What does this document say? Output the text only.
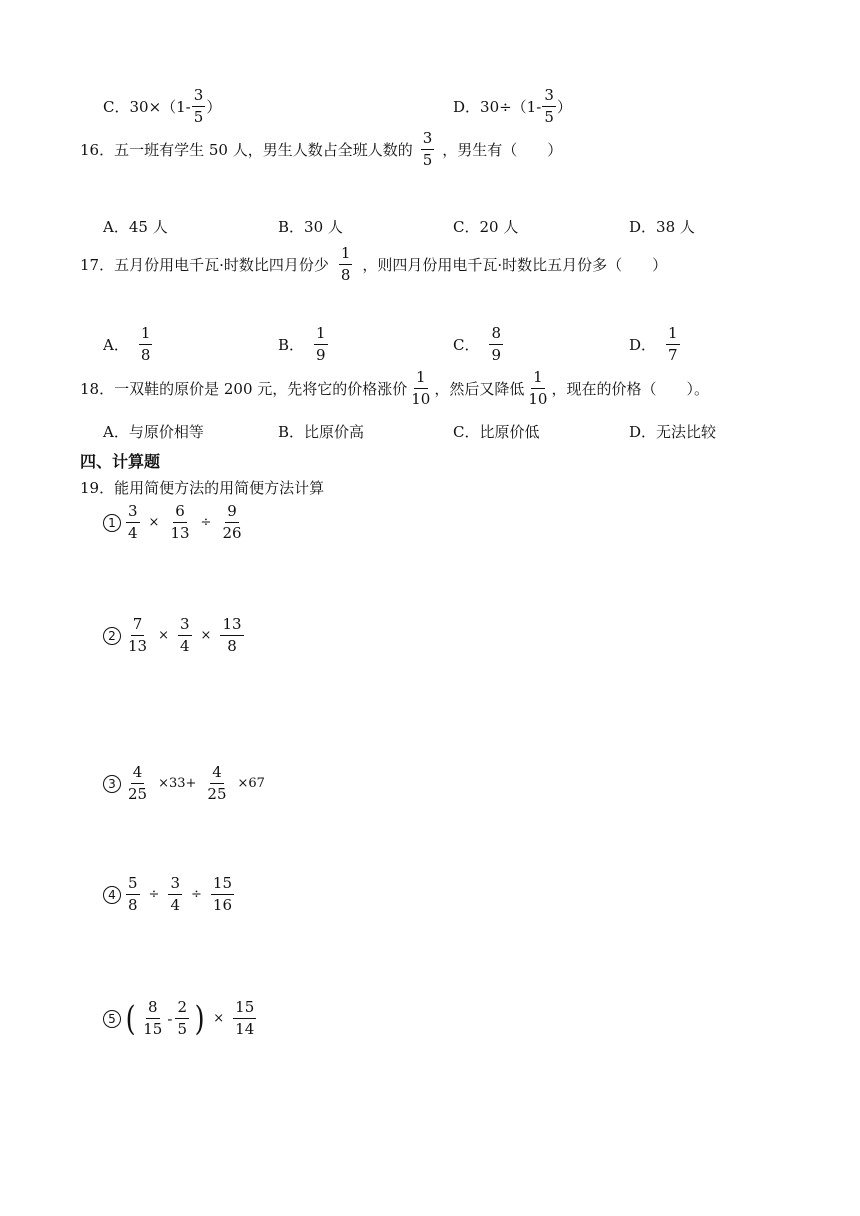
C． $30\times(1- \frac{3}{5}$ ）	D． $30\div(1- \frac{3}{5}$ ）
16．五一班有学生 50 人，男生人数占全班人数的 $\frac{3}{5}$ ，男生有（　　）
A．45 人	B．30 人	C．20 人	D．38 人
17．五月份用电千瓦·时数比四月份少 $\frac{1}{8}$ ，则四月份用电千瓦·时数比五月份多（　　）
A． $\frac{1}{8}$	B． $\frac{1}{9}$	C． $\frac{8}{9}$	D． $\frac{1}{7}$
18．一双鞋的原价是 200 元，先将它的价格涨价 $\frac{1}{10}$ ，然后又降低 $\frac{1}{10}$ ，现在的价格（　　）。
A．与原价相等	B．比原价高	C．比原价低	D．无法比较
四、计算题
19．能用简便方法的用简便方法计算
$1 \frac{3}{4} \times \frac{6}{13} \div \frac{9}{26}$
$2 \frac{7}{13} \times \frac{3}{4} \times \frac{13}{8}$
$3 \frac{4}{25} \times 33+ \frac{4}{25} \times 67$
$4 \frac{5}{8} \div \frac{3}{4} \div \frac{15}{16}$
5 ( $\frac{8}{15} - \frac{2}{5}$ ) × $\frac{15}{14}$
